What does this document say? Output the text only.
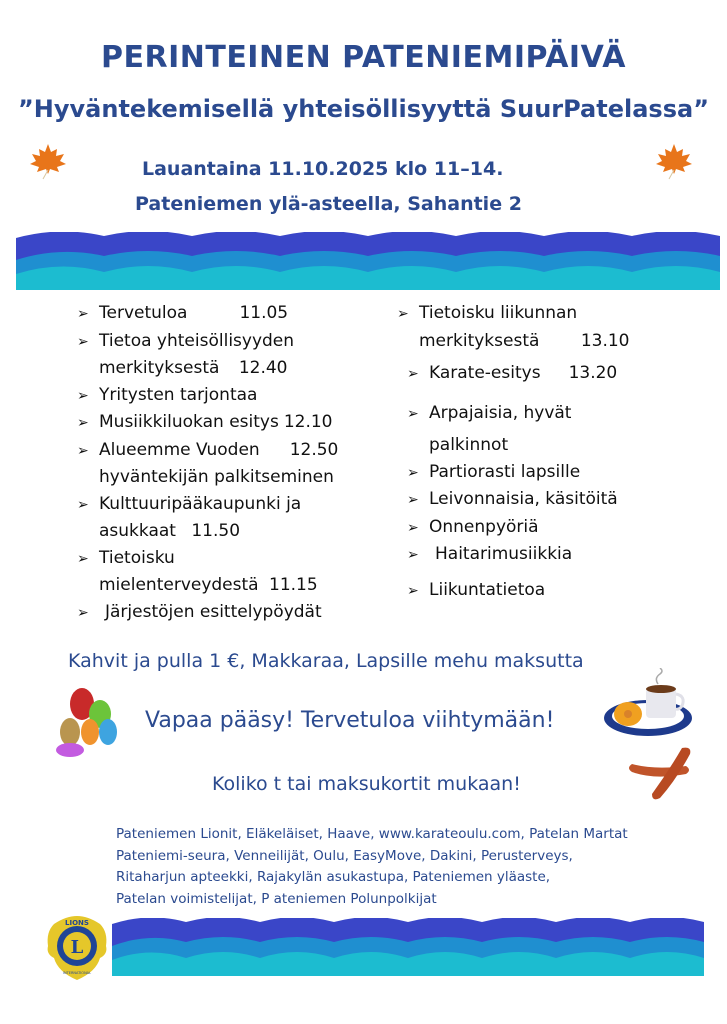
PERINTEINEN PATENIEMIPÄIVÄ
”Hyväntekemisellä yhteisöllisyyttä SuurPatelassa”
Lauantaina 11.10.2025 klo 11–14.
Pateniemen ylä-asteella, Sahantie 2
➢ Tervetuloa	11.05
➢ Tietoa yhteisöllisyyden
merkityksestä 12.40
➢ Yritysten tarjontaa
➢ Musiikkiluokan esitys 12.10
➢ Alueemme Vuoden 12.50
hyväntekijän palkitseminen
➢ Kulttuuripääkaupunki ja
asukkaat 11.50
➢ Tietoisku
mielenterveydestä 11.15
➢ Järjestöjen esittelypöydät
➢ Tietoisku liikunnan
merkityksestä 13.10
➢ Karate-esitys 13.20
➢ Arpajaisia, hyvät
palkinnot
➢ Partiorasti lapsille
➢ Leivonnaisia, käsitöitä
➢ Onnenpyöriä
➢ Haitarimusiikkia
➢ Liikuntatietoa
Kahvit ja pulla 1 €, Makkaraa, Lapsille mehu maksutta
Vapaa pääsy! Tervetuloa viihtymään!
Koliko t tai maksukortit mukaan!
Pateniemen Lionit, Eläkeläiset, Haave, www.karateoulu.com, Patelan Martat
Pateniemi-seura, Venneilijät, Oulu, EasyMove, Dakini, Perusterveys,
Ritaharjun apteekki, Rajakylän asukastupa, Pateniemen yläaste,
Patelan voimistelijat, P ateniemen Polunpolkijat
L
LIONS
INTERNATIONAL
